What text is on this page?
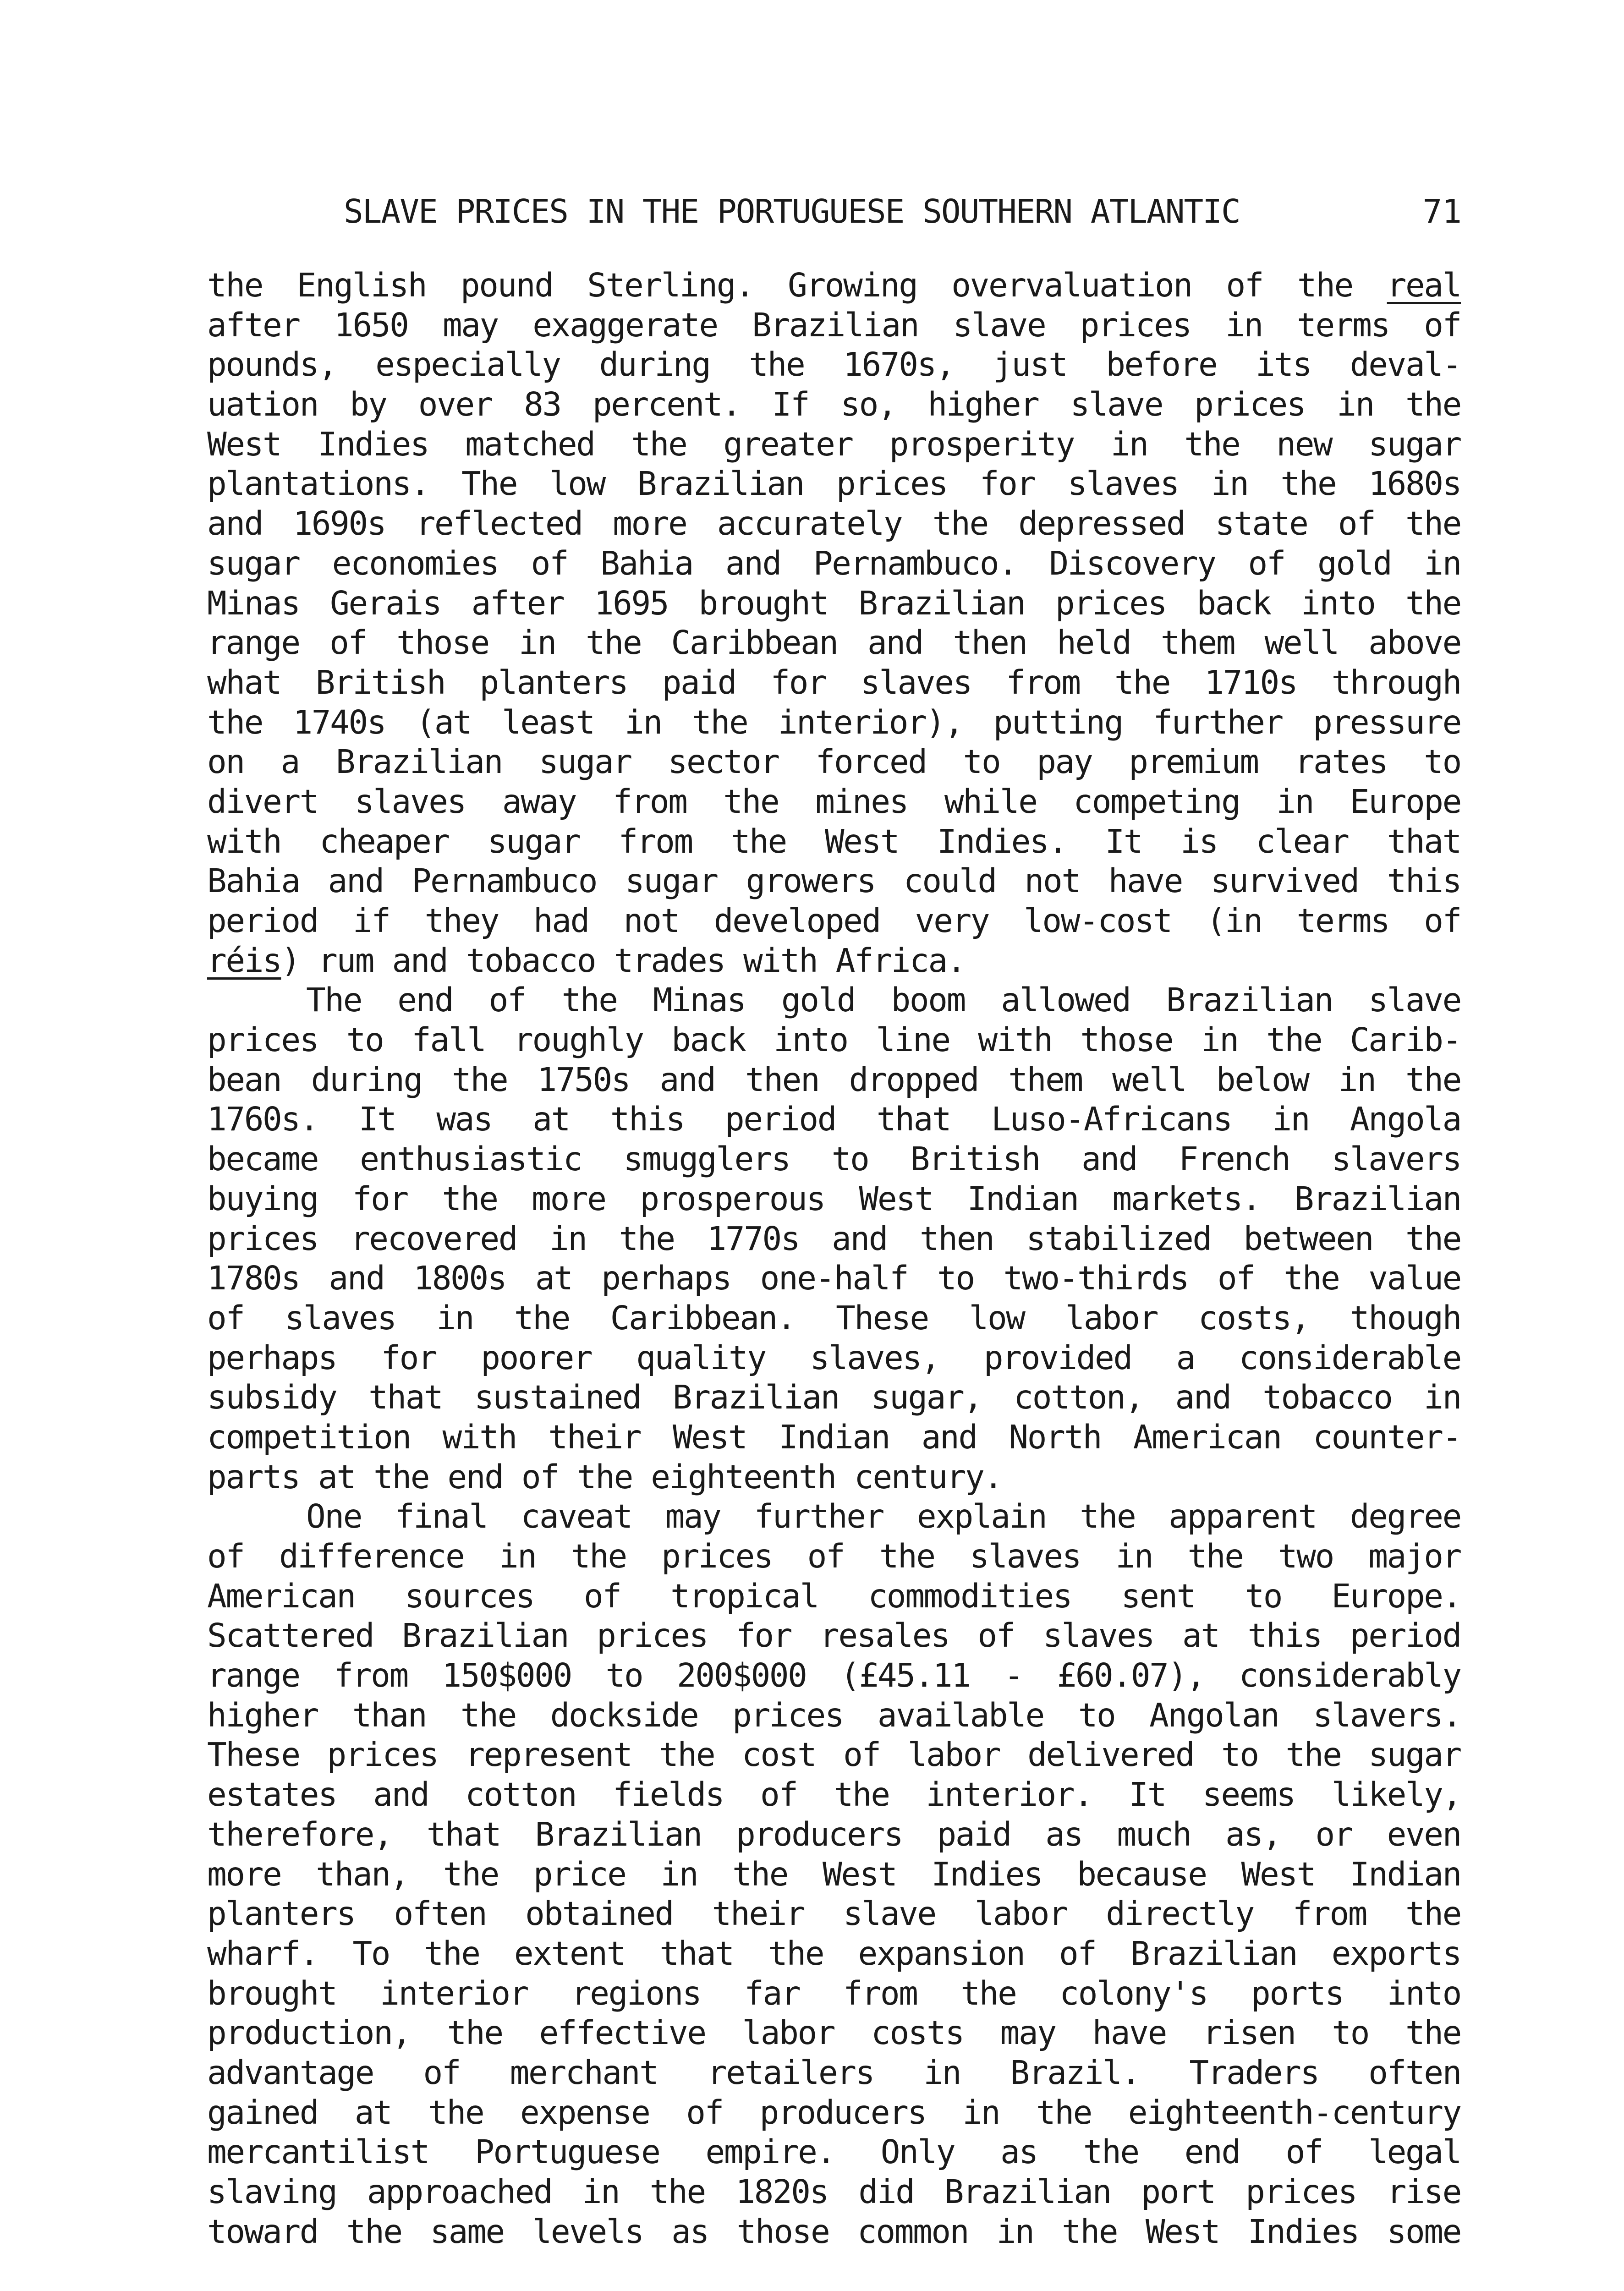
SLAVE PRICES IN THE PORTUGUESE SOUTHERN ATLANTIC	71
the English pound Sterling. Growing overvaluation of the real
after 1650 may exaggerate Brazilian slave prices in terms of
pounds, especially during the 1670s, just before its deval-
uation by over 83 percent. If so, higher slave prices in the
West Indies matched the greater prosperity in the new sugar
plantations. The low Brazilian prices for slaves in the 1680s
and 1690s reflected more accurately the depressed state of the
sugar economies of Bahia and Pernambuco. Discovery of gold in
Minas Gerais after 1695 brought Brazilian prices back into the
range of those in the Caribbean and then held them well above
what British planters paid for slaves from the 1710s through
the 1740s (at least in the interior), putting further pressure
on a Brazilian sugar sector forced to pay premium rates to
divert slaves away from the mines while competing in Europe
with cheaper sugar from the West Indies. It is clear that
Bahia and Pernambuco sugar growers could not have survived this
period if they had not developed very low-cost (in terms of
réis) rum and tobacco trades with Africa.
The end of the Minas gold boom allowed Brazilian slave
prices to fall roughly back into line with those in the Carib-
bean during the 1750s and then dropped them well below in the
1760s. It was at this period that Luso-Africans in Angola
became enthusiastic smugglers to British and French slavers
buying for the more prosperous West Indian markets. Brazilian
prices recovered in the 1770s and then stabilized between the
1780s and 1800s at perhaps one-half to two-thirds of the value
of slaves in the Caribbean. These low labor costs, though
perhaps for poorer quality slaves, provided a considerable
subsidy that sustained Brazilian sugar, cotton, and tobacco in
competition with their West Indian and North American counter-
parts at the end of the eighteenth century.
One final caveat may further explain the apparent degree
of difference in the prices of the slaves in the two major
American sources of tropical commodities sent to Europe.
Scattered Brazilian prices for resales of slaves at this period
range from 150$000 to 200$000 (£45.11 - £60.07), considerably
higher than the dockside prices available to Angolan slavers.
These prices represent the cost of labor delivered to the sugar
estates and cotton fields of the interior. It seems likely,
therefore, that Brazilian producers paid as much as, or even
more than, the price in the West Indies because West Indian
planters often obtained their slave labor directly from the
wharf. To the extent that the expansion of Brazilian exports
brought interior regions far from the colony's ports into
production, the effective labor costs may have risen to the
advantage of merchant retailers in Brazil. Traders often
gained at the expense of producers in the eighteenth-century
mercantilist Portuguese empire. Only as the end of legal
slaving approached in the 1820s did Brazilian port prices rise
toward the same levels as those common in the West Indies some
